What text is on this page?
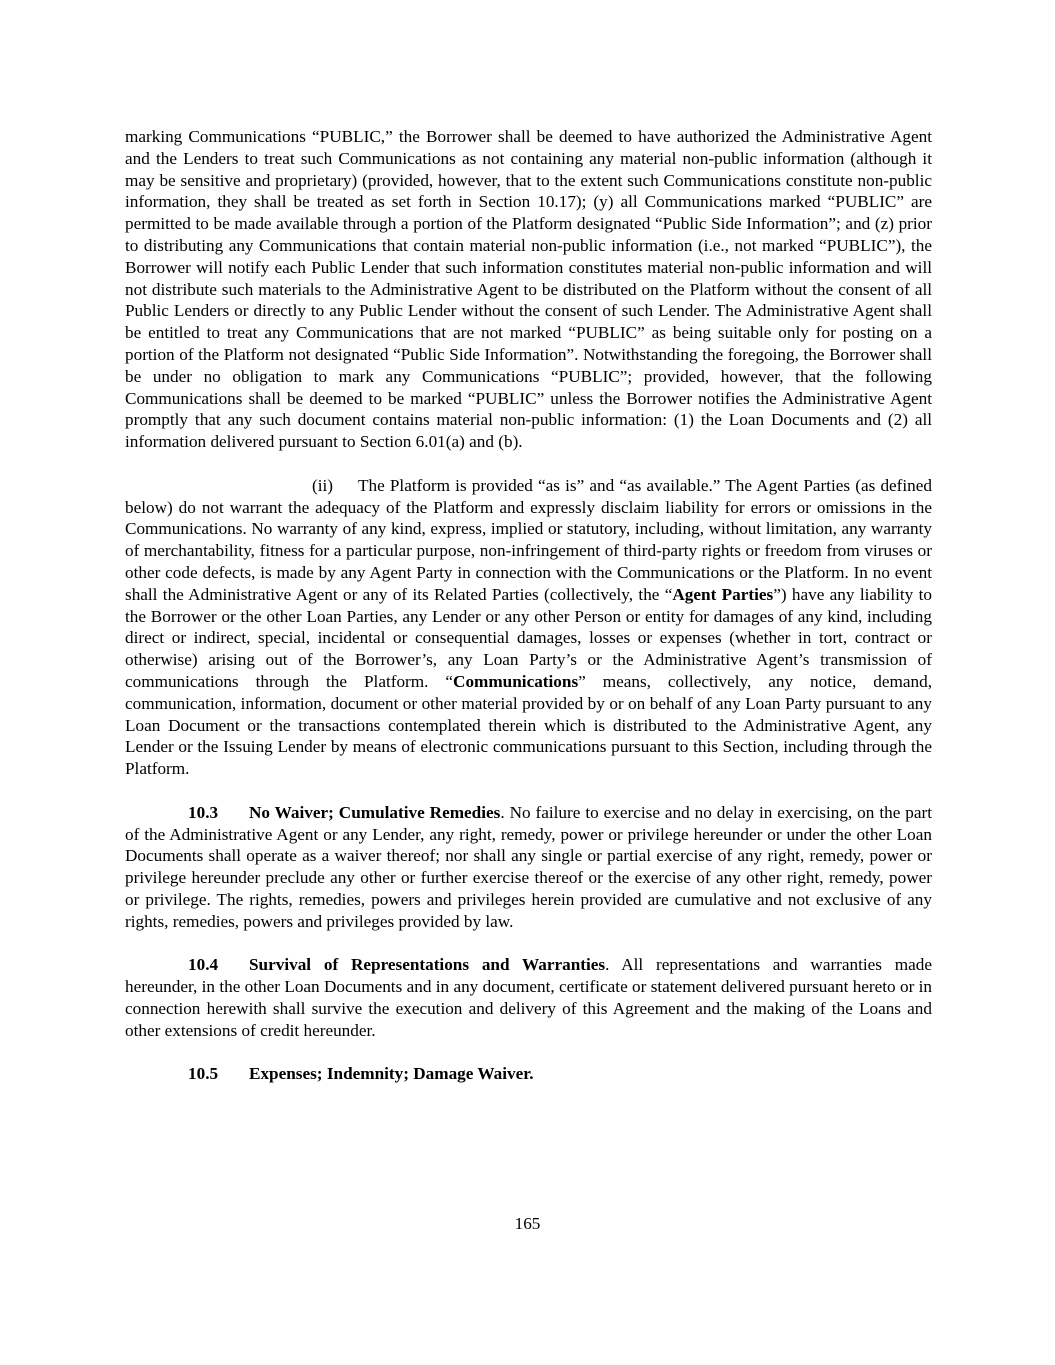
marking Communications “PUBLIC,” the Borrower shall be deemed to have authorized the Administrative Agent and the Lenders to treat such Communications as not containing any material non-public information (although it may be sensitive and proprietary) (provided, however, that to the extent such Communications constitute non-public information, they shall be treated as set forth in Section 10.17); (y) all Communications marked “PUBLIC” are permitted to be made available through a portion of the Platform designated “Public Side Information”; and (z) prior to distributing any Communications that contain material non-public information (i.e., not marked “PUBLIC”), the Borrower will notify each Public Lender that such information constitutes material non-public information and will not distribute such materials to the Administrative Agent to be distributed on the Platform without the consent of all Public Lenders or directly to any Public Lender without the consent of such Lender. The Administrative Agent shall be entitled to treat any Communications that are not marked “PUBLIC” as being suitable only for posting on a portion of the Platform not designated “Public Side Information”. Notwithstanding the foregoing, the Borrower shall be under no obligation to mark any Communications “PUBLIC”; provided, however, that the following Communications shall be deemed to be marked “PUBLIC” unless the Borrower notifies the Administrative Agent promptly that any such document contains material non-public information: (1) the Loan Documents and (2) all information delivered pursuant to Section 6.01(a) and (b).

(ii) The Platform is provided “as is” and “as available.” The Agent Parties (as defined below) do not warrant the adequacy of the Platform and expressly disclaim liability for errors or omissions in the Communications. No warranty of any kind, express, implied or statutory, including, without limitation, any warranty of merchantability, fitness for a particular purpose, non-infringement of third-party rights or freedom from viruses or other code defects, is made by any Agent Party in connection with the Communications or the Platform. In no event shall the Administrative Agent or any of its Related Parties (collectively, the “Agent Parties”) have any liability to the Borrower or the other Loan Parties, any Lender or any other Person or entity for damages of any kind, including direct or indirect, special, incidental or consequential damages, losses or expenses (whether in tort, contract or otherwise) arising out of the Borrower’s, any Loan Party’s or the Administrative Agent’s transmission of communications through the Platform. “Communications” means, collectively, any notice, demand, communication, information, document or other material provided by or on behalf of any Loan Party pursuant to any Loan Document or the transactions contemplated therein which is distributed to the Administrative Agent, any Lender or the Issuing Lender by means of electronic communications pursuant to this Section, including through the Platform.

10.3 No Waiver; Cumulative Remedies. No failure to exercise and no delay in exercising, on the part of the Administrative Agent or any Lender, any right, remedy, power or privilege hereunder or under the other Loan Documents shall operate as a waiver thereof; nor shall any single or partial exercise of any right, remedy, power or privilege hereunder preclude any other or further exercise thereof or the exercise of any other right, remedy, power or privilege. The rights, remedies, powers and privileges herein provided are cumulative and not exclusive of any rights, remedies, powers and privileges provided by law.

10.4 Survival of Representations and Warranties. All representations and warranties made hereunder, in the other Loan Documents and in any document, certificate or statement delivered pursuant hereto or in connection herewith shall survive the execution and delivery of this Agreement and the making of the Loans and other extensions of credit hereunder.

10.5 Expenses; Indemnity; Damage Waiver.

165
